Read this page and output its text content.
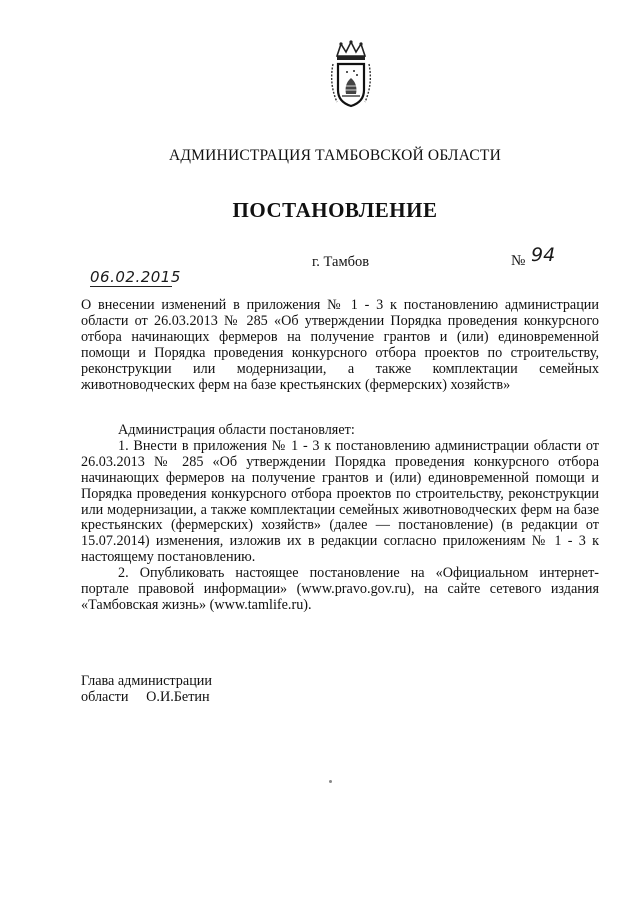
АДМИНИСТРАЦИЯ ТАМБОВСКОЙ ОБЛАСТИ
ПОСТАНОВЛЕНИЕ
06.02.2015
г. Тамбов	№ 94
О внесении изменений в приложения № 1 - 3 к постановлению администрации области от 26.03.2013 № 285 «Об утверждении Порядка проведения конкурсного отбора начинающих фермеров на получение грантов и (или) единовременной помощи и Порядка проведения конкурсного отбора проектов по строительству, реконструкции или модернизации, а также комплектации семейных животноводческих ферм на базе крестьянских (фермерских) хозяйств»

Администрация области постановляет:

1. Внести в приложения № 1 - 3 к постановлению администрации области от 26.03.2013 № 285 «Об утверждении Порядка проведения конкурсного отбора начинающих фермеров на получение грантов и (или) единовременной помощи и Порядка проведения конкурсного отбора проектов по строительству, реконструкции или модернизации, а также комплектации семейных животноводческих ферм на базе крестьянских (фермерских) хозяйств» (далее — постановление) (в редакции от 15.07.2014) изменения, изложив их в редакции согласно приложениям № 1 - 3 к настоящему постановлению.

2. Опубликовать настоящее постановление на «Официальном интернет-портале правовой информации» (www.pravo.gov.ru), на сайте сетевого издания «Тамбовская жизнь» (www.tamlife.ru).

Глава администрации
области О.И.Бетин
